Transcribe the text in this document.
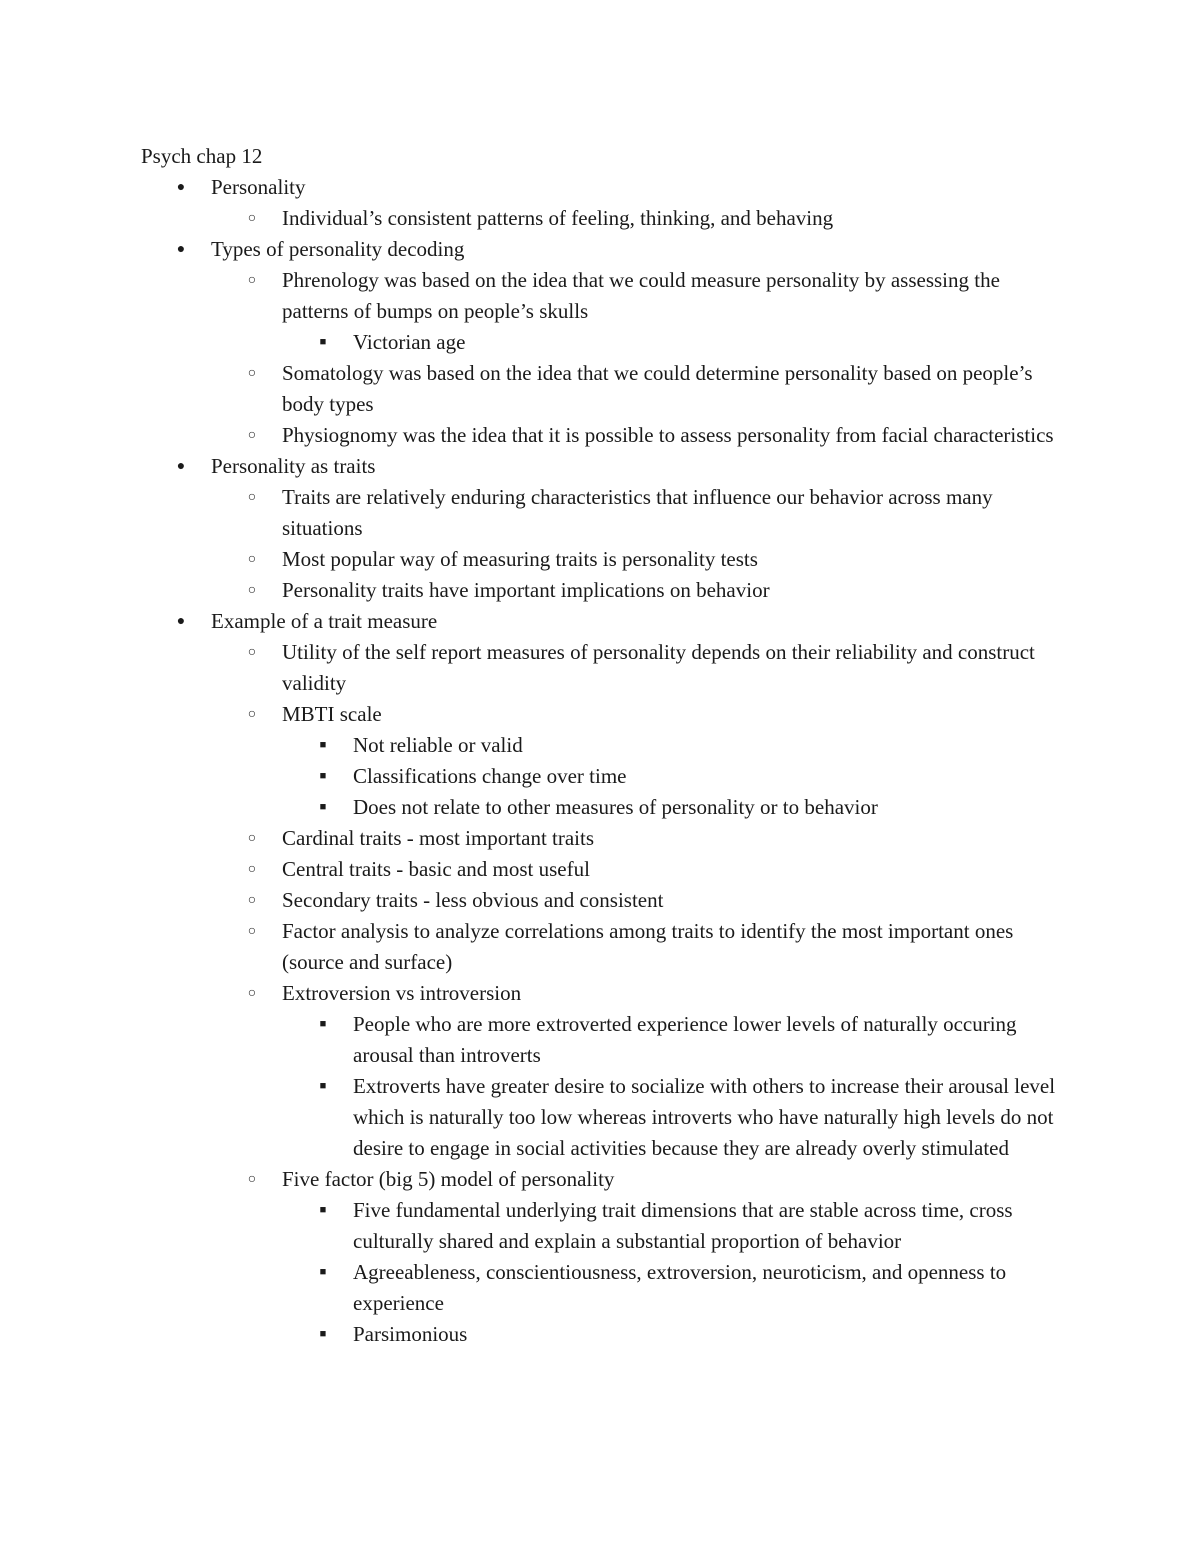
Psych chap 12
●	Personality
○	Individual’s consistent patterns of feeling, thinking, and behaving
●	Types of personality decoding
○	Phrenology was based on the idea that we could measure personality by assessing the patterns of bumps on people’s skulls
■	Victorian age
○	Somatology was based on the idea that we could determine personality based on people’s body types
○	Physiognomy was the idea that it is possible to assess personality from facial characteristics
●	Personality as traits
○	Traits are relatively enduring characteristics that influence our behavior across many situations
○	Most popular way of measuring traits is personality tests
○	Personality traits have important implications on behavior
●	Example of a trait measure
○	Utility of the self report measures of personality depends on their reliability and construct validity
○	MBTI scale
■	Not reliable or valid
■	Classifications change over time
■	Does not relate to other measures of personality or to behavior
○	Cardinal traits - most important traits
○	Central traits - basic and most useful
○	Secondary traits - less obvious and consistent
○	Factor analysis to analyze correlations among traits to identify the most important ones (source and surface)
○	Extroversion vs introversion
■	People who are more extroverted experience lower levels of naturally occuring arousal than introverts
■	Extroverts have greater desire to socialize with others to increase their arousal level which is naturally too low whereas introverts who have naturally high levels do not desire to engage in social activities because they are already overly stimulated
○	Five factor (big 5) model of personality
■	Five fundamental underlying trait dimensions that are stable across time, cross culturally shared and explain a substantial proportion of behavior
■	Agreeableness, conscientiousness, extroversion, neuroticism, and openness to experience
■	Parsimonious
